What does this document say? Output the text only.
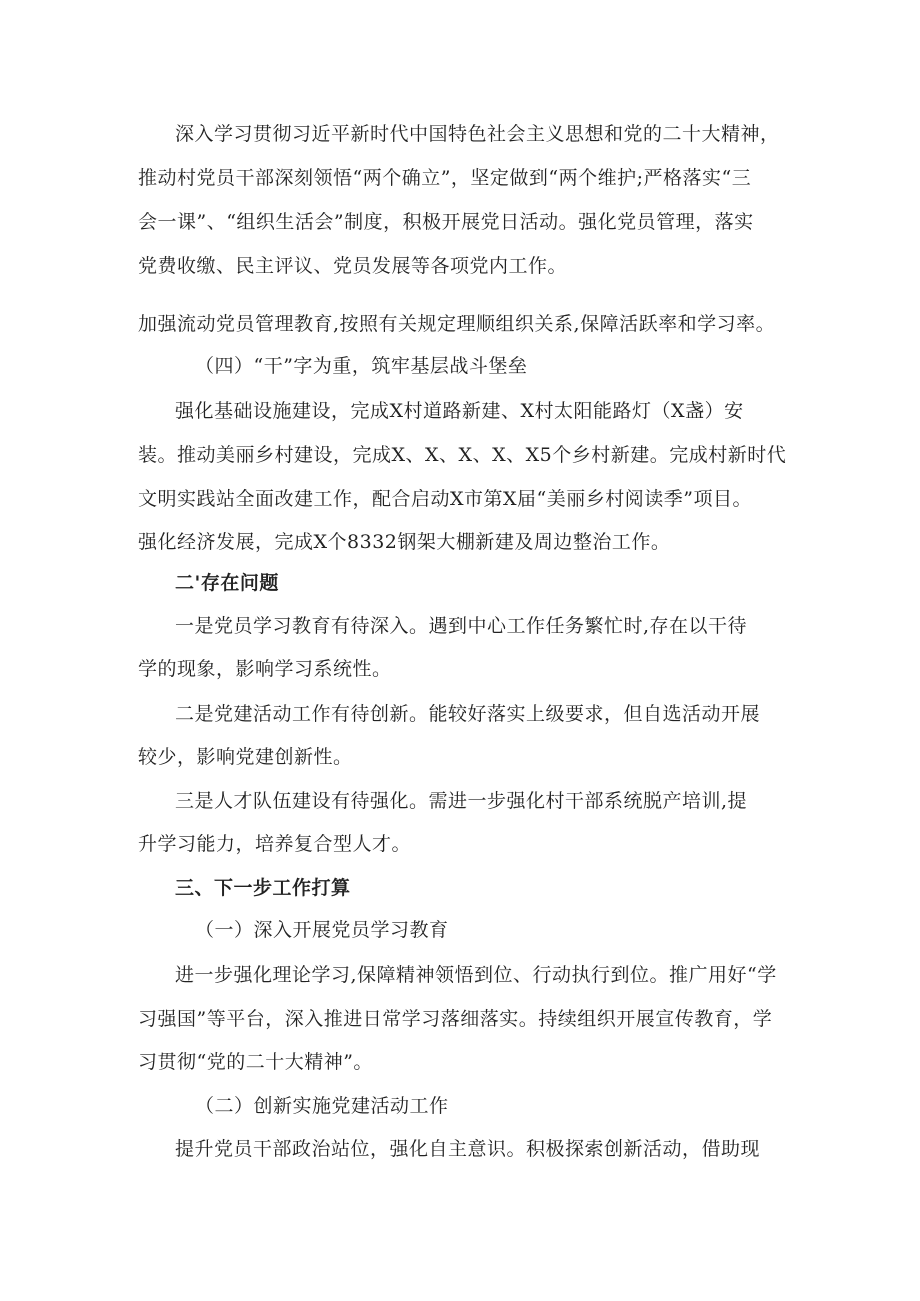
深入学习贯彻习近平新时代中国特色社会主义思想和党的二十大精神，
推动村党员干部深刻领悟“两个确立”，坚定做到“两个维护;严格落实“三
会一课”、“组织生活会”制度，积极开展党日活动。强化党员管理，落实
党费收缴、民主评议、党员发展等各项党内工作。
加强流动党员管理教育,按照有关规定理顺组织关系,保障活跃率和学习率。
（四）“干”字为重，筑牢基层战斗堡垒
强化基础设施建设，完成X村道路新建、X村太阳能路灯（X盏）安
装。推动美丽乡村建设，完成X、X、X、X、X5个乡村新建。完成村新时代
文明实践站全面改建工作，配合启动X市第X届“美丽乡村阅读季”项目。
强化经济发展，完成X个8332钢架大棚新建及周边整治工作。
二'存在问题
一是党员学习教育有待深入。遇到中心工作任务繁忙时,存在以干待
学的现象，影响学习系统性。
二是党建活动工作有待创新。能较好落实上级要求，但自选活动开展
较少，影响党建创新性。
三是人才队伍建设有待强化。需进一步强化村干部系统脱产培训,提
升学习能力，培养复合型人才。
三、下一步工作打算
（一）深入开展党员学习教育
进一步强化理论学习,保障精神领悟到位、行动执行到位。推广用好“学
习强国”等平台，深入推进日常学习落细落实。持续组织开展宣传教育，学
习贯彻“党的二十大精神”。
（二）创新实施党建活动工作
提升党员干部政治站位，强化自主意识。积极探索创新活动，借助现
